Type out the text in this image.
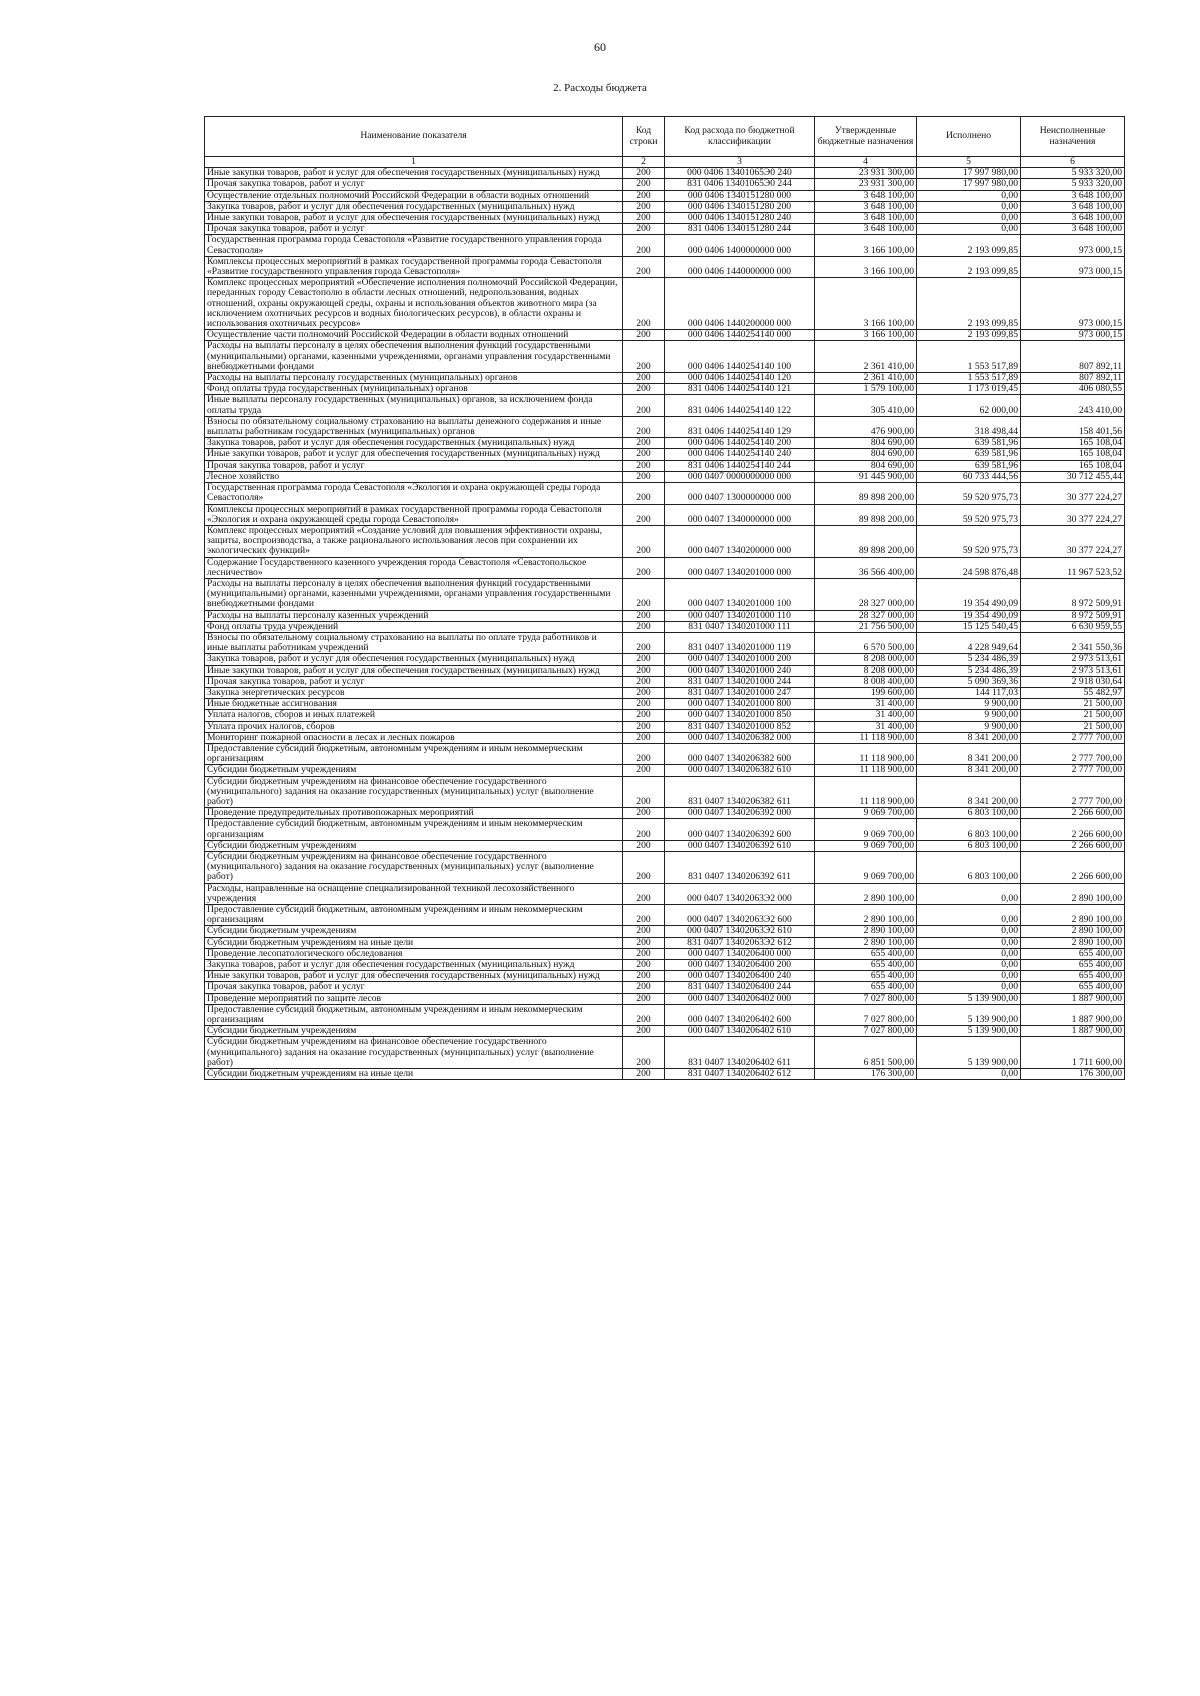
60
2. Расходы бюджета
Наименование показателя	Код строки	Код расхода по бюджетной классификации	Утвержденные бюджетные назначения	Исполнено	Неисполненные назначения
1	2	3	4	5	6
Иные закупки товаров, работ и услуг для обеспечения государственных (муниципальных) нужд	200	000 0406 13401065Э0 240	23 931 300,00	17 997 980,00	5 933 320,00
Прочая закупка товаров, работ и услуг	200	831 0406 13401065Э0 244	23 931 300,00	17 997 980,00	5 933 320,00
Осуществление отдельных полномочий Российской Федерации в области водных отношений	200	000 0406 1340151280 000	3 648 100,00	0,00	3 648 100,00
Закупка товаров, работ и услуг для обеспечения государственных (муниципальных) нужд	200	000 0406 1340151280 200	3 648 100,00	0,00	3 648 100,00
Иные закупки товаров, работ и услуг для обеспечения государственных (муниципальных) нужд	200	000 0406 1340151280 240	3 648 100,00	0,00	3 648 100,00
Прочая закупка товаров, работ и услуг	200	831 0406 1340151280 244	3 648 100,00	0,00	3 648 100,00
Государственная программа города Севастополя «Развитие государственного управления города Севастополя»	200	000 0406 1400000000 000	3 166 100,00	2 193 099,85	973 000,15
Комплексы процессных мероприятий в рамках государственной программы города Севастополя «Развитие государственного управления города Севастополя»	200	000 0406 1440000000 000	3 166 100,00	2 193 099,85	973 000,15
Комплекс процессных мероприятий «Обеспечение исполнения полномочий Российской Федерации, переданных городу Севастополю в области лесных отношений, недропользования, водных отношений, охраны окружающей среды, охраны и использования объектов животного мира (за исключением охотничьих ресурсов и водных биологических ресурсов), в области охраны и использования охотничьих ресурсов»	200	000 0406 1440200000 000	3 166 100,00	2 193 099,85	973 000,15
Осуществление части полномочий Российской Федерации в области водных отношений	200	000 0406 1440254140 000	3 166 100,00	2 193 099,85	973 000,15
Расходы на выплаты персоналу в целях обеспечения выполнения функций государственными (муниципальными) органами, казенными учреждениями, органами управления государственными внебюджетными фондами	200	000 0406 1440254140 100	2 361 410,00	1 553 517,89	807 892,11
Расходы на выплаты персоналу государственных (муниципальных) органов	200	000 0406 1440254140 120	2 361 410,00	1 553 517,89	807 892,11
Фонд оплаты труда государственных (муниципальных) органов	200	831 0406 1440254140 121	1 579 100,00	1 173 019,45	406 080,55
Иные выплаты персоналу государственных (муниципальных) органов, за исключением фонда оплаты труда	200	831 0406 1440254140 122	305 410,00	62 000,00	243 410,00
Взносы по обязательному социальному страхованию на выплаты денежного содержания и иные выплаты работникам государственных (муниципальных) органов	200	831 0406 1440254140 129	476 900,00	318 498,44	158 401,56
Закупка товаров, работ и услуг для обеспечения государственных (муниципальных) нужд	200	000 0406 1440254140 200	804 690,00	639 581,96	165 108,04
Иные закупки товаров, работ и услуг для обеспечения государственных (муниципальных) нужд	200	000 0406 1440254140 240	804 690,00	639 581,96	165 108,04
Прочая закупка товаров, работ и услуг	200	831 0406 1440254140 244	804 690,00	639 581,96	165 108,04
Лесное хозяйство	200	000 0407 0000000000 000	91 445 900,00	60 733 444,56	30 712 455,44
Государственная программа города Севастополя «Экология и охрана окружающей среды города Севастополя»	200	000 0407 1300000000 000	89 898 200,00	59 520 975,73	30 377 224,27
Комплексы процессных мероприятий в рамках государственной программы города Севастополя «Экология и охрана окружающей среды города Севастополя»	200	000 0407 1340000000 000	89 898 200,00	59 520 975,73	30 377 224,27
Комплекс процессных мероприятий «Создание условий для повышения эффективности охраны, защиты, воспроизводства, а также рационального использования лесов при сохранении их экологических функций»	200	000 0407 1340200000 000	89 898 200,00	59 520 975,73	30 377 224,27
Содержание Государственного казенного учреждения города Севастополя «Севастопольское лесничество»	200	000 0407 1340201000 000	36 566 400,00	24 598 876,48	11 967 523,52
Расходы на выплаты персоналу в целях обеспечения выполнения функций государственными (муниципальными) органами, казенными учреждениями, органами управления государственными внебюджетными фондами	200	000 0407 1340201000 100	28 327 000,00	19 354 490,09	8 972 509,91
Расходы на выплаты персоналу казенных учреждений	200	000 0407 1340201000 110	28 327 000,00	19 354 490,09	8 972 509,91
Фонд оплаты труда учреждений	200	831 0407 1340201000 111	21 756 500,00	15 125 540,45	6 630 959,55
Взносы по обязательному социальному страхованию на выплаты по оплате труда работников и иные выплаты работникам учреждений	200	831 0407 1340201000 119	6 570 500,00	4 228 949,64	2 341 550,36
Закупка товаров, работ и услуг для обеспечения государственных (муниципальных) нужд	200	000 0407 1340201000 200	8 208 000,00	5 234 486,39	2 973 513,61
Иные закупки товаров, работ и услуг для обеспечения государственных (муниципальных) нужд	200	000 0407 1340201000 240	8 208 000,00	5 234 486,39	2 973 513,61
Прочая закупка товаров, работ и услуг	200	831 0407 1340201000 244	8 008 400,00	5 090 369,36	2 918 030,64
Закупка энергетических ресурсов	200	831 0407 1340201000 247	199 600,00	144 117,03	55 482,97
Иные бюджетные ассигнования	200	000 0407 1340201000 800	31 400,00	9 900,00	21 500,00
Уплата налогов, сборов и иных платежей	200	000 0407 1340201000 850	31 400,00	9 900,00	21 500,00
Уплата прочих налогов, сборов	200	831 0407 1340201000 852	31 400,00	9 900,00	21 500,00
Мониторинг пожарной опасности в лесах и лесных пожаров	200	000 0407 1340206382 000	11 118 900,00	8 341 200,00	2 777 700,00
Предоставление субсидий бюджетным, автономным учреждениям и иным некоммерческим организациям	200	000 0407 1340206382 600	11 118 900,00	8 341 200,00	2 777 700,00
Субсидии бюджетным учреждениям	200	000 0407 1340206382 610	11 118 900,00	8 341 200,00	2 777 700,00
Субсидии бюджетным учреждениям на финансовое обеспечение государственного (муниципального) задания на оказание государственных (муниципальных) услуг (выполнение работ)	200	831 0407 1340206382 611	11 118 900,00	8 341 200,00	2 777 700,00
Проведение предупредительных противопожарных мероприятий	200	000 0407 1340206392 000	9 069 700,00	6 803 100,00	2 266 600,00
Предоставление субсидий бюджетным, автономным учреждениям и иным некоммерческим организациям	200	000 0407 1340206392 600	9 069 700,00	6 803 100,00	2 266 600,00
Субсидии бюджетным учреждениям	200	000 0407 1340206392 610	9 069 700,00	6 803 100,00	2 266 600,00
Субсидии бюджетным учреждениям на финансовое обеспечение государственного (муниципального) задания на оказание государственных (муниципальных) услуг (выполнение работ)	200	831 0407 1340206392 611	9 069 700,00	6 803 100,00	2 266 600,00
Расходы, направленные на оснащение специализированной техникой лесохозяйственного учреждения	200	000 0407 13402063Э2 000	2 890 100,00	0,00	2 890 100,00
Предоставление субсидий бюджетным, автономным учреждениям и иным некоммерческим организациям	200	000 0407 13402063Э2 600	2 890 100,00	0,00	2 890 100,00
Субсидии бюджетным учреждениям	200	000 0407 13402063Э2 610	2 890 100,00	0,00	2 890 100,00
Субсидии бюджетным учреждениям на иные цели	200	831 0407 13402063Э2 612	2 890 100,00	0,00	2 890 100,00
Проведение лесопатологического обследования	200	000 0407 1340206400 000	655 400,00	0,00	655 400,00
Закупка товаров, работ и услуг для обеспечения государственных (муниципальных) нужд	200	000 0407 1340206400 200	655 400,00	0,00	655 400,00
Иные закупки товаров, работ и услуг для обеспечения государственных (муниципальных) нужд	200	000 0407 1340206400 240	655 400,00	0,00	655 400,00
Прочая закупка товаров, работ и услуг	200	831 0407 1340206400 244	655 400,00	0,00	655 400,00
Проведение мероприятий по защите лесов	200	000 0407 1340206402 000	7 027 800,00	5 139 900,00	1 887 900,00
Предоставление субсидий бюджетным, автономным учреждениям и иным некоммерческим организациям	200	000 0407 1340206402 600	7 027 800,00	5 139 900,00	1 887 900,00
Субсидии бюджетным учреждениям	200	000 0407 1340206402 610	7 027 800,00	5 139 900,00	1 887 900,00
Субсидии бюджетным учреждениям на финансовое обеспечение государственного (муниципального) задания на оказание государственных (муниципальных) услуг (выполнение работ)	200	831 0407 1340206402 611	6 851 500,00	5 139 900,00	1 711 600,00
Субсидии бюджетным учреждениям на иные цели	200	831 0407 1340206402 612	176 300,00	0,00	176 300,00
